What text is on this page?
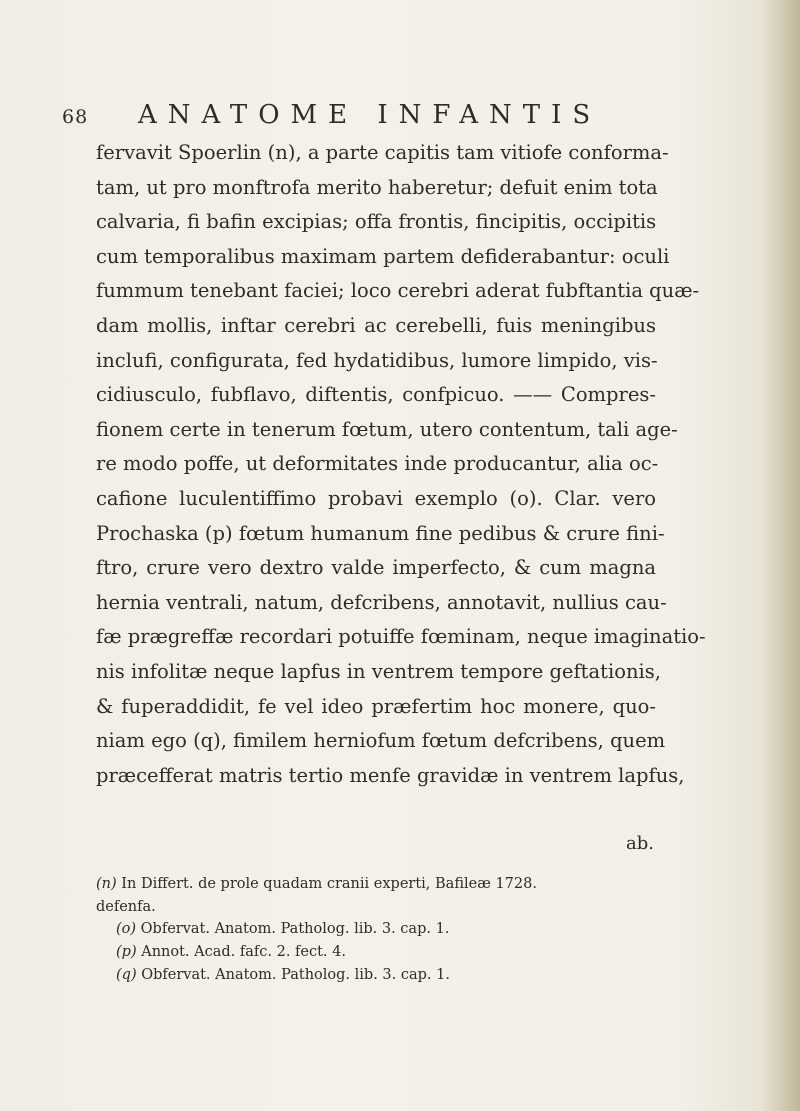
68 ANATOME INFANTIS
fervavit Spoerlin (n), a parte capitis tam vitiofe conforma-
tam, ut pro monftrofa merito haberetur; defuit enim tota
calvaria, fi bafin excipias; offa frontis, fincipitis, occipitis
cum temporalibus maximam partem defiderabantur: oculi
fummum tenebant faciei; loco cerebri aderat fubftantia quæ-
dam mollis, inftar cerebri ac cerebelli, fuis meningibus
inclufi, configurata, fed hydatidibus, lumore limpido, vis-
cidiusculo, fubflavo, diftentis, confpicuo. —— Compres-
fionem certe in tenerum fœtum, utero contentum, tali age-
re modo poffe, ut deformitates inde producantur, alia oc-
cafione luculentiffimo probavi exemplo (o). Clar. vero
Prochaska (p) fœtum humanum fine pedibus & crure fini-
ftro, crure vero dextro valde imperfecto, & cum magna
hernia ventrali, natum, defcribens, annotavit, nullius cau-
fæ prægreffæ recordari potuiffe fœminam, neque imaginatio-
nis infolitæ neque lapfus in ventrem tempore geftationis,
& fuperaddidit, fe vel ideo præfertim hoc monere, quo-
niam ego (q), fimilem herniofum fœtum defcribens, quem
præcefferat matris tertio menfe gravidæ in ventrem lapfus,
ab.
(n) In Differt. de prole quadam cranii experti, Bafileæ 1728.
defenfa.
(o) Obfervat. Anatom. Patholog. lib. 3. cap. 1.
(p) Annot. Acad. fafc. 2. fect. 4.
(q) Obfervat. Anatom. Patholog. lib. 3. cap. 1.
